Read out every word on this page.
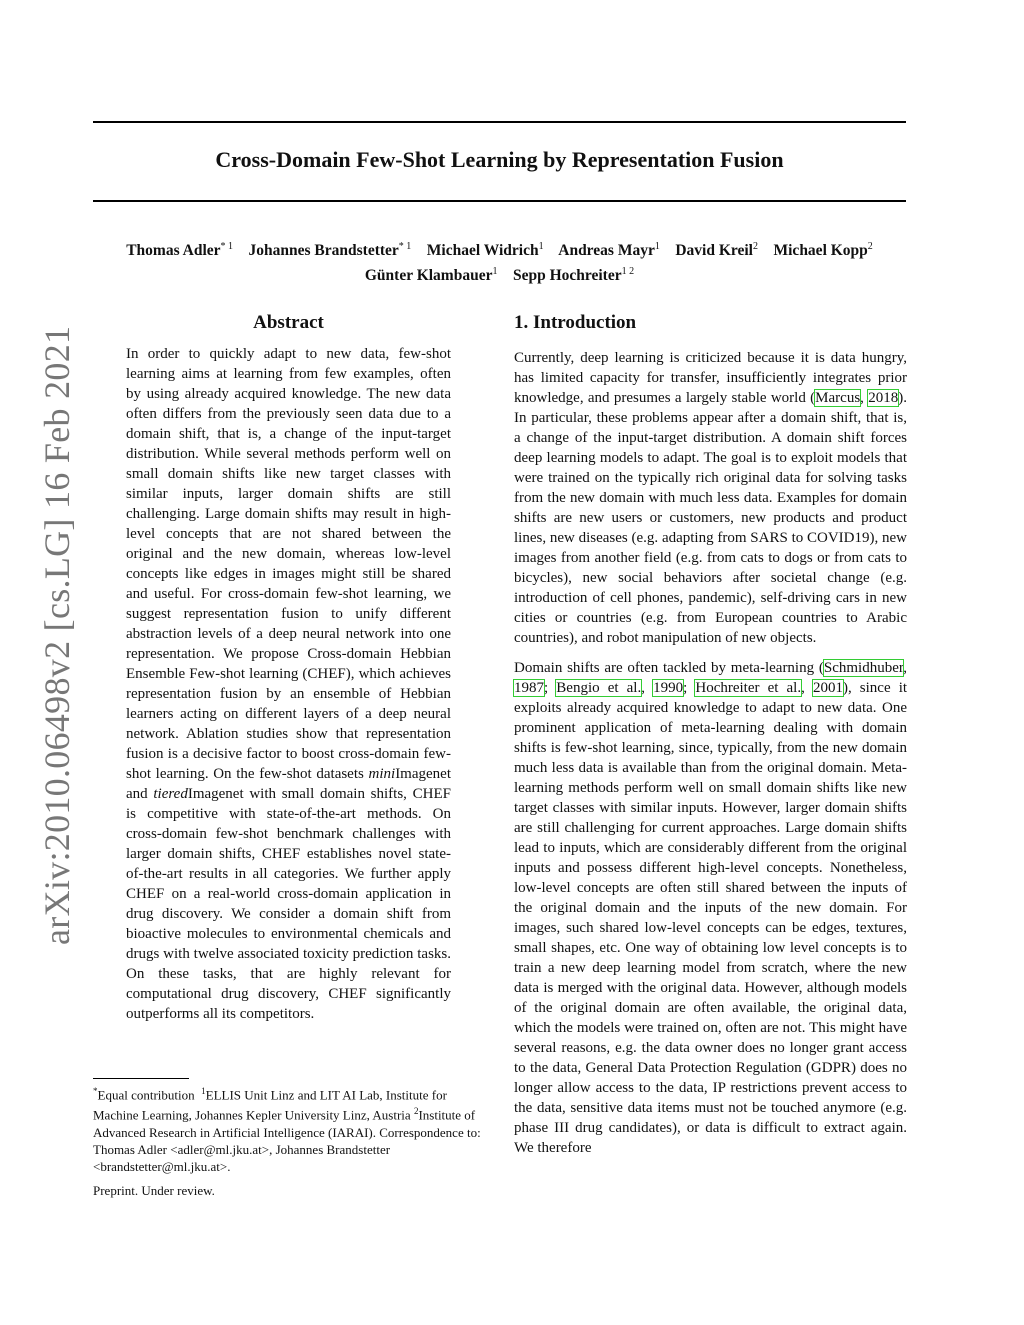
arXiv:2010.06498v2 [cs.LG] 16 Feb 2021
Cross-Domain Few-Shot Learning by Representation Fusion
Thomas Adler$^{* 1}$ Johannes Brandstetter$^{* 1}$ Michael Widrich$^1$ Andreas Mayr$^1$ David Kreil$^2$ Michael Kopp$^2$
Günter Klambauer$^1$ Sepp Hochreiter$^{1 2}$
Abstract
In order to quickly adapt to new data, few-shot learning aims at learning from few examples, often by using already acquired knowledge. The new data often differs from the previously seen data due to a domain shift, that is, a change of the input-target distribution. While several methods perform well on small domain shifts like new target classes with similar inputs, larger domain shifts are still challenging. Large domain shifts may result in high-level concepts that are not shared between the original and the new domain, whereas low-level concepts like edges in images might still be shared and useful. For cross-domain few-shot learning, we suggest representation fusion to unify different abstraction levels of a deep neural network into one representation. We propose Cross-domain Hebbian Ensemble Few-shot learning (CHEF), which achieves representation fusion by an ensemble of Hebbian learners acting on different layers of a deep neural network. Ablation studies show that representation fusion is a decisive factor to boost cross-domain few-shot learning. On the few-shot datasets miniImagenet and tieredImagenet with small domain shifts, CHEF is competitive with state-of-the-art methods. On cross-domain few-shot benchmark challenges with larger domain shifts, CHEF establishes novel state-of-the-art results in all categories. We further apply CHEF on a real-world cross-domain application in drug discovery. We consider a domain shift from bioactive molecules to environmental chemicals and drugs with twelve associated toxicity prediction tasks. On these tasks, that are highly relevant for computational drug discovery, CHEF significantly outperforms all its competitors.
1. Introduction

Currently, deep learning is criticized because it is data hungry, has limited capacity for transfer, insufficiently integrates prior knowledge, and presumes a largely stable world (Marcus, 2018). In particular, these problems appear after a domain shift, that is, a change of the input-target distribution. A domain shift forces deep learning models to adapt. The goal is to exploit models that were trained on the typically rich original data for solving tasks from the new domain with much less data. Examples for domain shifts are new users or customers, new products and product lines, new diseases (e.g. adapting from SARS to COVID19), new images from another field (e.g. from cats to dogs or from cats to bicycles), new social behaviors after societal change (e.g. introduction of cell phones, pandemic), self-driving cars in new cities or countries (e.g. from European countries to Arabic countries), and robot manipulation of new objects.

Domain shifts are often tackled by meta-learning (Schmidhuber, 1987; Bengio et al., 1990; Hochreiter et al., 2001), since it exploits already acquired knowledge to adapt to new data. One prominent application of meta-learning dealing with domain shifts is few-shot learning, since, typically, from the new domain much less data is available than from the original domain. Meta-learning methods perform well on small domain shifts like new target classes with similar inputs. However, larger domain shifts are still challenging for current approaches. Large domain shifts lead to inputs, which are considerably different from the original inputs and possess different high-level concepts. Nonetheless, low-level concepts are often still shared between the inputs of the original domain and the inputs of the new domain. For images, such shared low-level concepts can be edges, textures, small shapes, etc. One way of obtaining low level concepts is to train a new deep learning model from scratch, where the new data is merged with the original data. However, although models of the original domain are often available, the original data, which the models were trained on, often are not. This might have several reasons, e.g. the data owner does no longer grant access to the data, General Data Protection Regulation (GDPR) does no longer allow access to the data, IP restrictions prevent access to the data, sensitive data items must not be touched anymore (e.g. phase III drug candidates), or data is difficult to extract again. We therefore

*Equal contribution $^1$ELLIS Unit Linz and LIT AI Lab, Institute for Machine Learning, Johannes Kepler University Linz, Austria $^2$Institute of Advanced Research in Artificial Intelligence (IARAI). Correspondence to: Thomas Adler <adler@ml.jku.at>, Johannes Brandstetter <brandstetter@ml.jku.at>.
Preprint. Under review.
